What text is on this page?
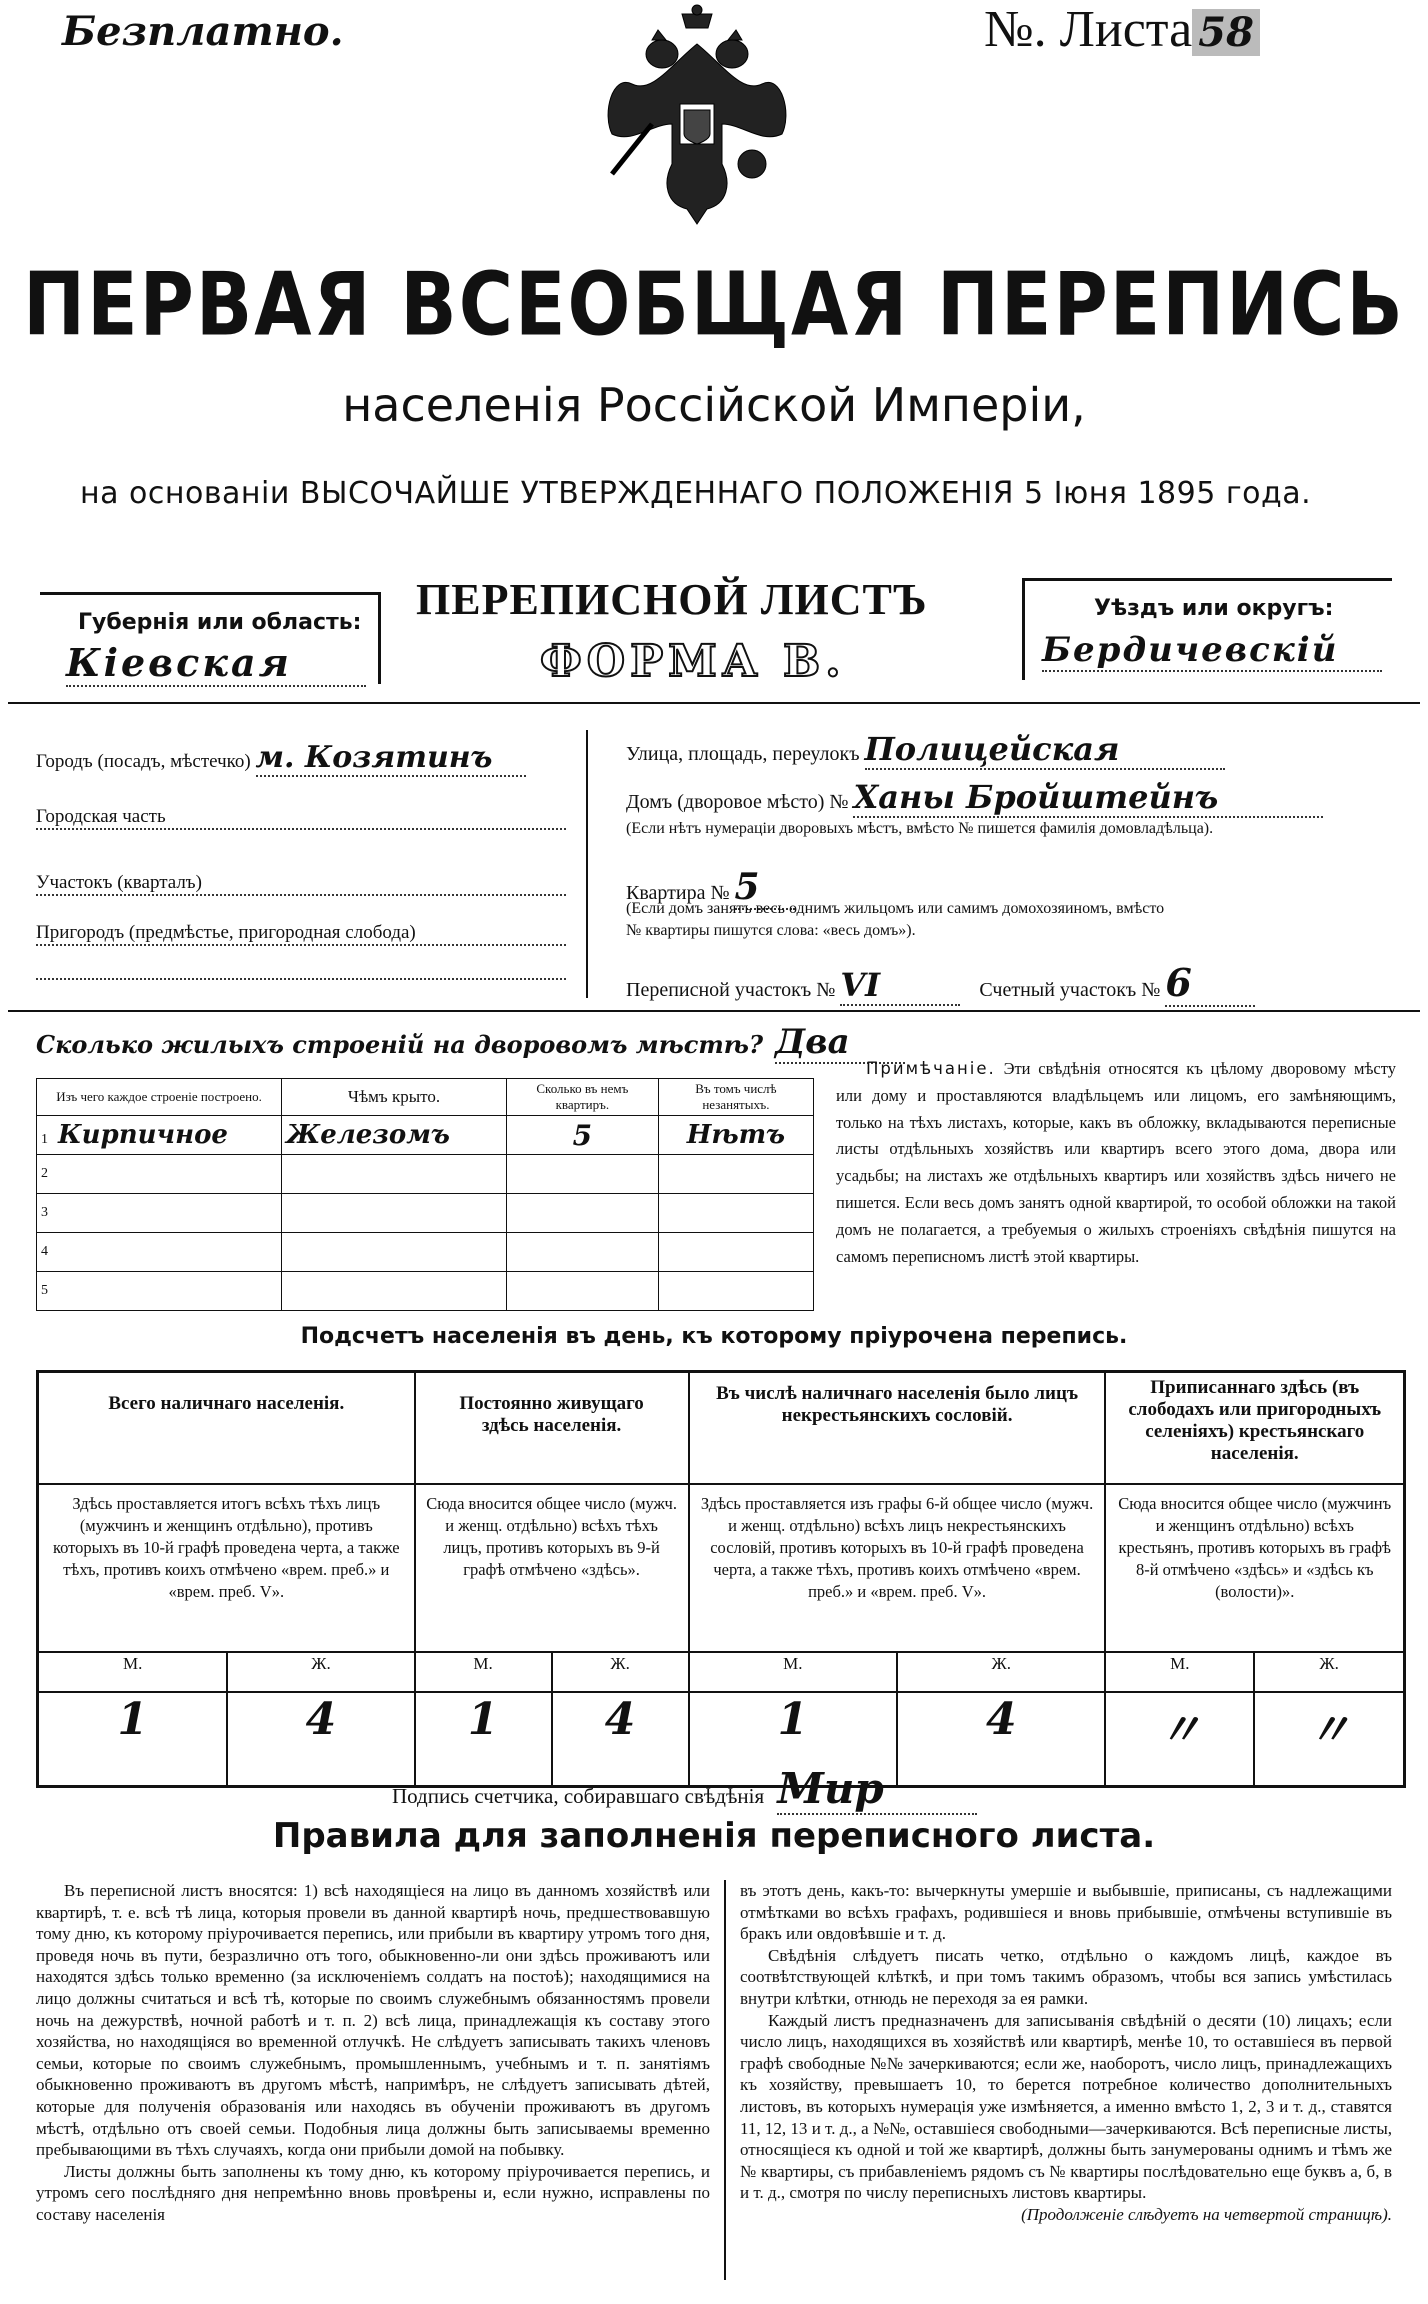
Безплатно.	№. Листа 58
ПЕРВАЯ ВСЕОБЩАЯ ПЕРЕПИСЬ
населенія Россійской Имперіи,
на основаніи ВЫСОЧАЙШЕ УТВЕРЖДЕННАГО ПОЛОЖЕНІЯ 5 Іюня 1895 года.
Губернія или область:
Кіевская
ПЕРЕПИСНОЙ ЛИСТЪ
ФОРМА В.
Уѣздъ или округъ:
Бердичевскій
Городъ (посадъ, мѣстечко) м. Козятинъ
Городская часть
Участокъ (кварталъ)
Пригородъ (предмѣстье, пригородная слобода)
Улица, площадь, переулокъ Полицейская
Домъ (дворовое мѣсто) № Ханы Бройштейнъ
(Если нѣтъ нумераціи дворовыхъ мѣстъ, вмѣсто № пишется фамилія домовладѣльца).
Квартира № 5
(Если домъ занятъ весь однимъ жильцомъ или самимъ домохозяиномъ, вмѣсто
№ квартиры пишутся слова: «весь домъ»).
Переписной участокъ № VI	Счетный участокъ № 6
Сколько жилыхъ строеній на дворовомъ мѣстѣ? Два
Изъ чего каждое строеніе построено.	Чѣмъ крыто.	Сколько въ немъ квартиръ.	Въ томъ числѣ незанятыхъ.
1 Кирпичное	Железомъ	5	Нѣтъ
2			
3			
4			
5			
Примѣчаніе. Эти свѣдѣнія относятся къ цѣлому дворовому мѣсту или дому и проставляются владѣльцемъ или лицомъ, его замѣняющимъ, только на тѣхъ листахъ, которые, какъ въ обложку, вкладываются переписные листы отдѣльныхъ хозяйствъ или квартиръ всего этого дома, двора или усадьбы; на листахъ же отдѣльныхъ квартиръ или хозяйствъ здѣсь ничего не пишется. Если весь домъ занятъ одной квартирой, то особой обложки на такой домъ не полагается, а требуемыя о жилыхъ строеніяхъ свѣдѣнія пишутся на самомъ переписномъ листѣ этой квартиры.
Подсчетъ населенія въ день, къ которому пріурочена перепись.
Всего наличнаго населенія.		Постоянно живущаго здѣсь населенія.		Въ числѣ наличнаго населенія было лицъ некрестьянскихъ сословій.		Приписаннаго здѣсь (въ слободахъ или пригородныхъ селеніяхъ) крестьянскаго населенія.	
Здѣсь проставляется итогъ всѣхъ тѣхъ лицъ (мужчинъ и женщинъ отдѣльно), противъ которыхъ въ 10-й графѣ проведена черта, а также тѣхъ, противъ коихъ отмѣчено «врем. преб.» и «врем. преб. V».		Сюда вносится общее число (мужч. и женщ. отдѣльно) всѣхъ тѣхъ лицъ, противъ которыхъ въ 9-й графѣ отмѣчено «здѣсь».		Здѣсь проставляется изъ графы 6-й общее число (мужч. и женщ. отдѣльно) всѣхъ лицъ некрестьянскихъ сословій, противъ которыхъ въ 10-й графѣ проведена черта, а также тѣхъ, противъ коихъ отмѣчено «врем. преб.» и «врем. преб. V».		Сюда вносится общее число (мужчинъ и женщинъ отдѣльно) всѣхъ крестьянъ, противъ которыхъ въ графѣ 8-й отмѣчено «здѣсь» и «здѣсь къ (волости)».	
М.	Ж.	М.	Ж.	М.	Ж.	М.	Ж.
1	4	1	4	1	4	〃	〃
Подпись счетчика, собиравшаго свѣдѣнія Мир
Правила для заполненія переписного листа.

Въ переписной листъ вносятся: 1) всѣ находящіеся на лицо въ данномъ хозяйствѣ или квартирѣ, т. е. всѣ тѣ лица, которыя провели въ данной квартирѣ ночь, предшествовавшую тому дню, къ которому пріурочивается перепись, или прибыли въ квартиру утромъ того дня, проведя ночь въ пути, безразлично отъ того, обыкновенно-ли они здѣсь проживаютъ или находятся здѣсь только временно (за исключеніемъ солдатъ на постоѣ); находящимися на лицо должны считаться и всѣ тѣ, которые по своимъ служебнымъ обязанностямъ провели ночь на дежурствѣ, ночной работѣ и т. п. 2) всѣ лица, принадлежащія къ составу этого хозяйства, но находящіяся во временной отлучкѣ. Не слѣдуетъ записывать такихъ членовъ семьи, которые по своимъ служебнымъ, промышленнымъ, учебнымъ и т. п. занятіямъ обыкновенно проживаютъ въ другомъ мѣстѣ, напримѣръ, не слѣдуетъ записывать дѣтей, которые для полученія образованія или находясь въ обученіи проживаютъ въ другомъ мѣстѣ, отдѣльно отъ своей семьи. Подобныя лица должны быть записываемы временно пребывающими въ тѣхъ случаяхъ, когда они прибыли домой на побывку.

Листы должны быть заполнены къ тому дню, къ которому пріурочивается перепись, и утромъ сего послѣдняго дня непремѣнно вновь провѣрены и, если нужно, исправлены по составу населенія

въ этотъ день, какъ-то: вычеркнуты умершіе и выбывшіе, приписаны, съ надлежащими отмѣтками во всѣхъ графахъ, родившіеся и вновь прибывшіе, отмѣчены вступившіе въ бракъ или овдовѣвшіе и т. д.

Свѣдѣнія слѣдуетъ писать четко, отдѣльно о каждомъ лицѣ, каждое въ соотвѣтствующей клѣткѣ, и при томъ такимъ образомъ, чтобы вся запись умѣстилась внутри клѣтки, отнюдь не переходя за ея рамки.

Каждый листъ предназначенъ для записыванія свѣдѣній о десяти (10) лицахъ; если число лицъ, находящихся въ хозяйствѣ или квартирѣ, менѣе 10, то оставшіеся въ первой графѣ свободные №№ зачеркиваются; если же, наоборотъ, число лицъ, принадлежащихъ къ хозяйству, превышаетъ 10, то берется потребное количество дополнительныхъ листовъ, въ которыхъ нумерація уже измѣняется, а именно вмѣсто 1, 2, 3 и т. д., ставятся 11, 12, 13 и т. д., а №№, оставшіеся свободными—зачеркиваются. Всѣ переписные листы, относящіеся къ одной и той же квартирѣ, должны быть занумерованы однимъ и тѣмъ же № квартиры, съ прибавленіемъ рядомъ съ № квартиры послѣдовательно еще буквъ а, б, в и т. д., смотря по числу переписныхъ листовъ квартиры.

(Продолженіе слѣдуетъ на четвертой страницѣ).
